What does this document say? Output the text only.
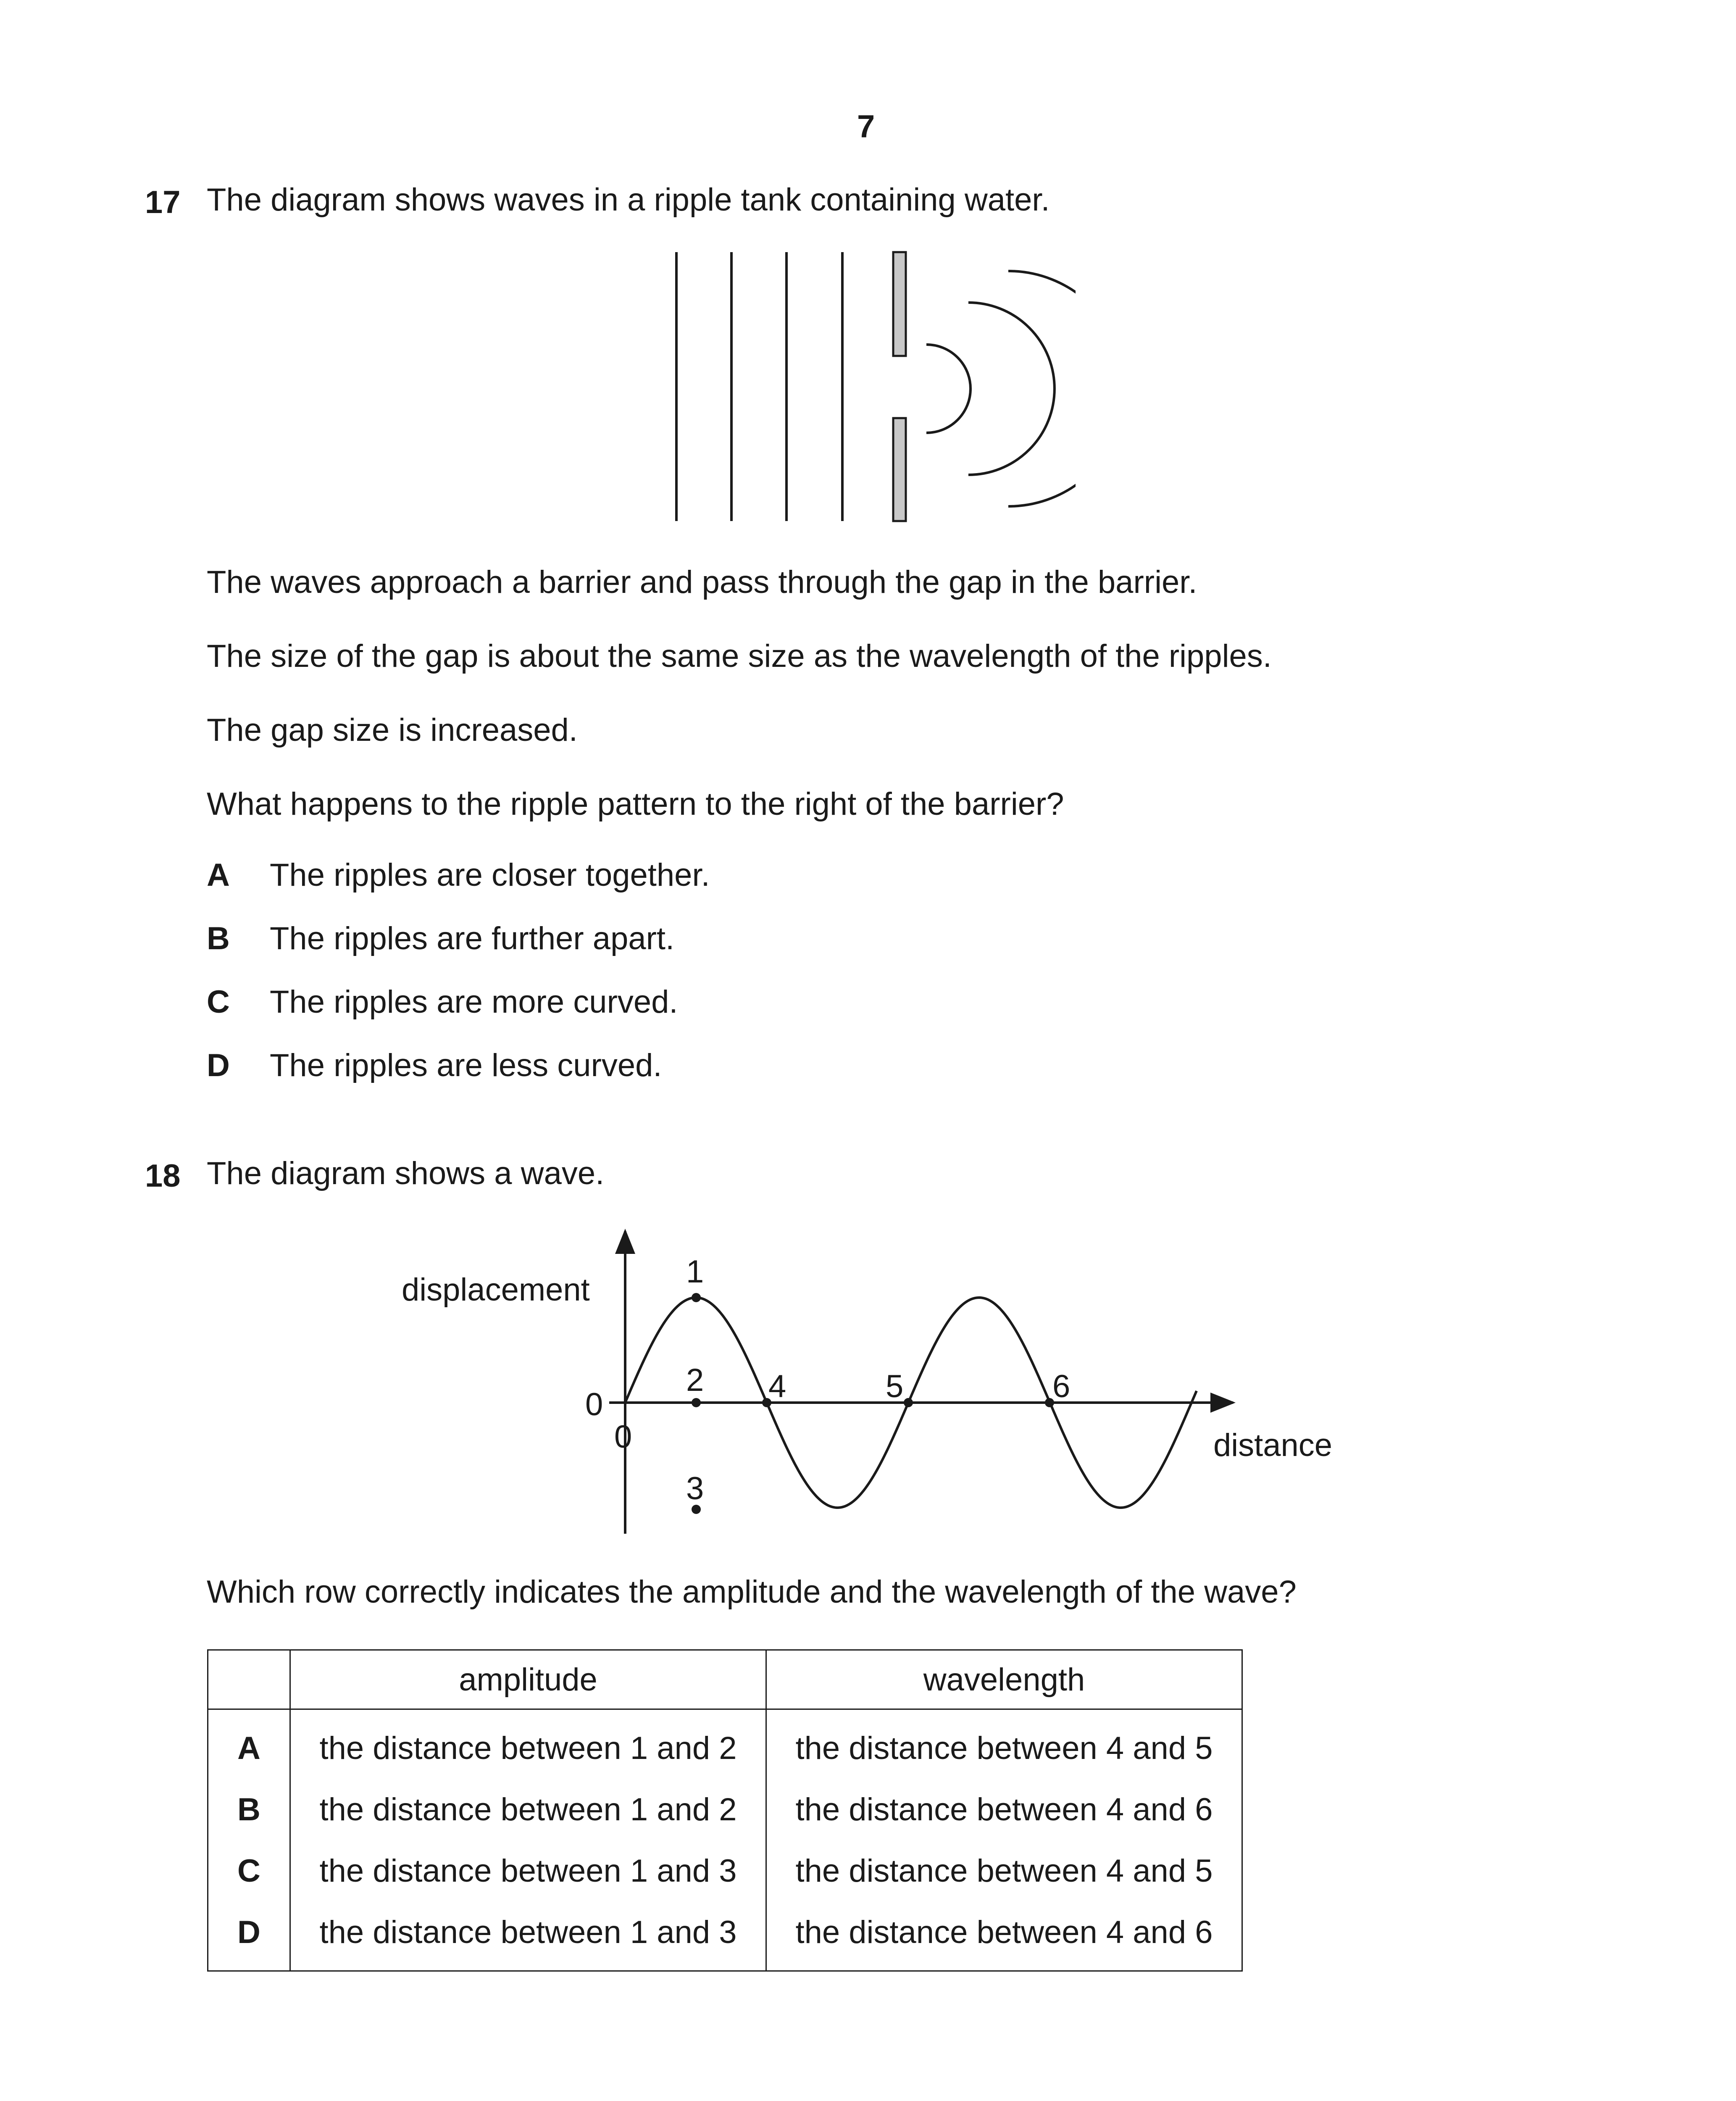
7
17 The diagram shows waves in a ripple tank containing water.
The waves approach a barrier and pass through the gap in the barrier.
The size of the gap is about the same size as the wavelength of the ripples.
The gap size is increased.
What happens to the ripple pattern to the right of the barrier?
A The ripples are closer together.
B The ripples are further apart.
C The ripples are more curved.
D The ripples are less curved.
18 The diagram shows a wave.
displacement
distance
0
0
1
2
3
4	5	6
Which row correctly indicates the amplitude and the wavelength of the wave?
	amplitude	wavelength
A	the distance between 1 and 2	the distance between 4 and 5
B	the distance between 1 and 2	the distance between 4 and 6
C	the distance between 1 and 3	the distance between 4 and 5
D	the distance between 1 and 3	the distance between 4 and 6
